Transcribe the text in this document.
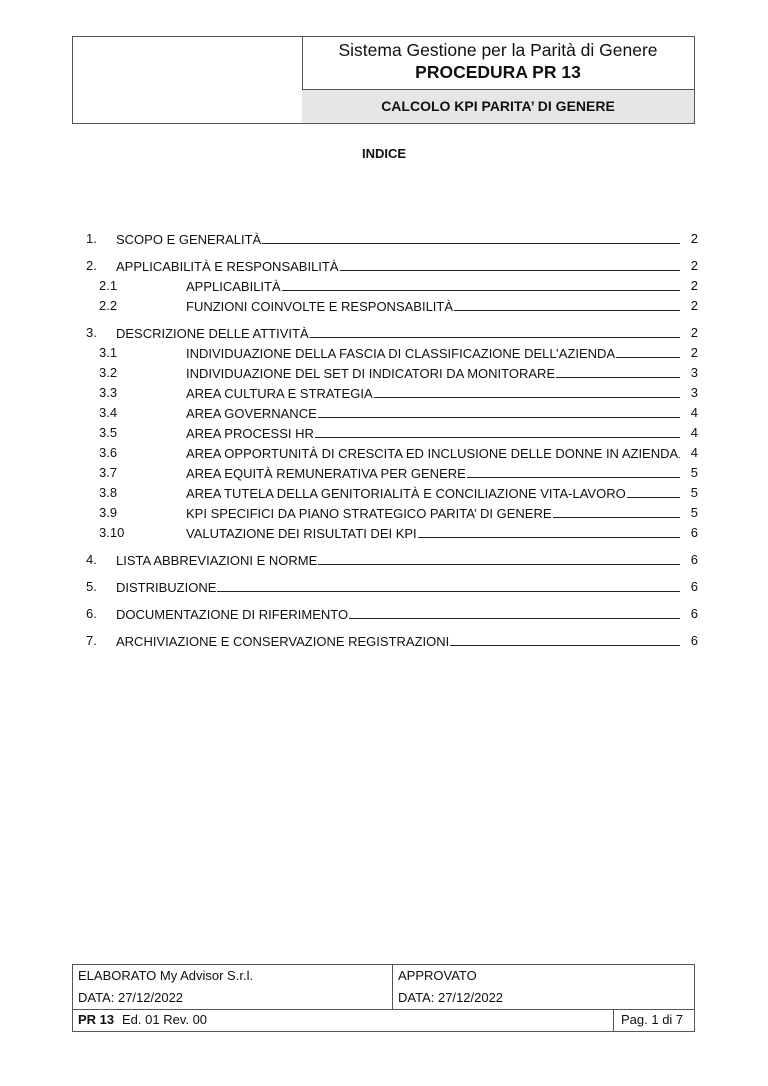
Sistema Gestione per la Parità di Genere
PROCEDURA PR 13
CALCOLO KPI PARITA’ DI GENERE
INDICE
1. SCOPO E GENERALITÀ	2
2. APPLICABILITÀ E RESPONSABILITÀ	2
2.1	APPLICABILITÀ	2
2.2	FUNZIONI COINVOLTE E RESPONSABILITÀ	2
3. DESCRIZIONE DELLE ATTIVITÀ	2
3.1	INDIVIDUAZIONE DELLA FASCIA DI CLASSIFICAZIONE DELL’AZIENDA	2
3.2	INDIVIDUAZIONE DEL SET DI INDICATORI DA MONITORARE	3
3.3	AREA CULTURA E STRATEGIA	3
3.4	AREA GOVERNANCE	4
3.5	AREA PROCESSI HR	4
3.6	AREA OPPORTUNITÀ DI CRESCITA ED INCLUSIONE DELLE DONNE IN AZIENDA 4
3.7	AREA EQUITÀ REMUNERATIVA PER GENERE	5
3.8	AREA TUTELA DELLA GENITORIALITÀ E CONCILIAZIONE VITA-LAVORO	5
3.9	KPI SPECIFICI DA PIANO STRATEGICO PARITA’ DI GENERE	5
3.10	VALUTAZIONE DEI RISULTATI DEI KPI	6
4. LISTA ABBREVIAZIONI E NORME	6
5. DISTRIBUZIONE	6
6. DOCUMENTAZIONE DI RIFERIMENTO	6
7. ARCHIVIAZIONE E CONSERVAZIONE REGISTRAZIONI	6
ELABORATO My Advisor S.r.l.
DATA: 27/12/2022
APPROVATO
DATA: 27/12/2022
PR 13 Ed. 01 Rev. 00	Pag. 1 di 7
